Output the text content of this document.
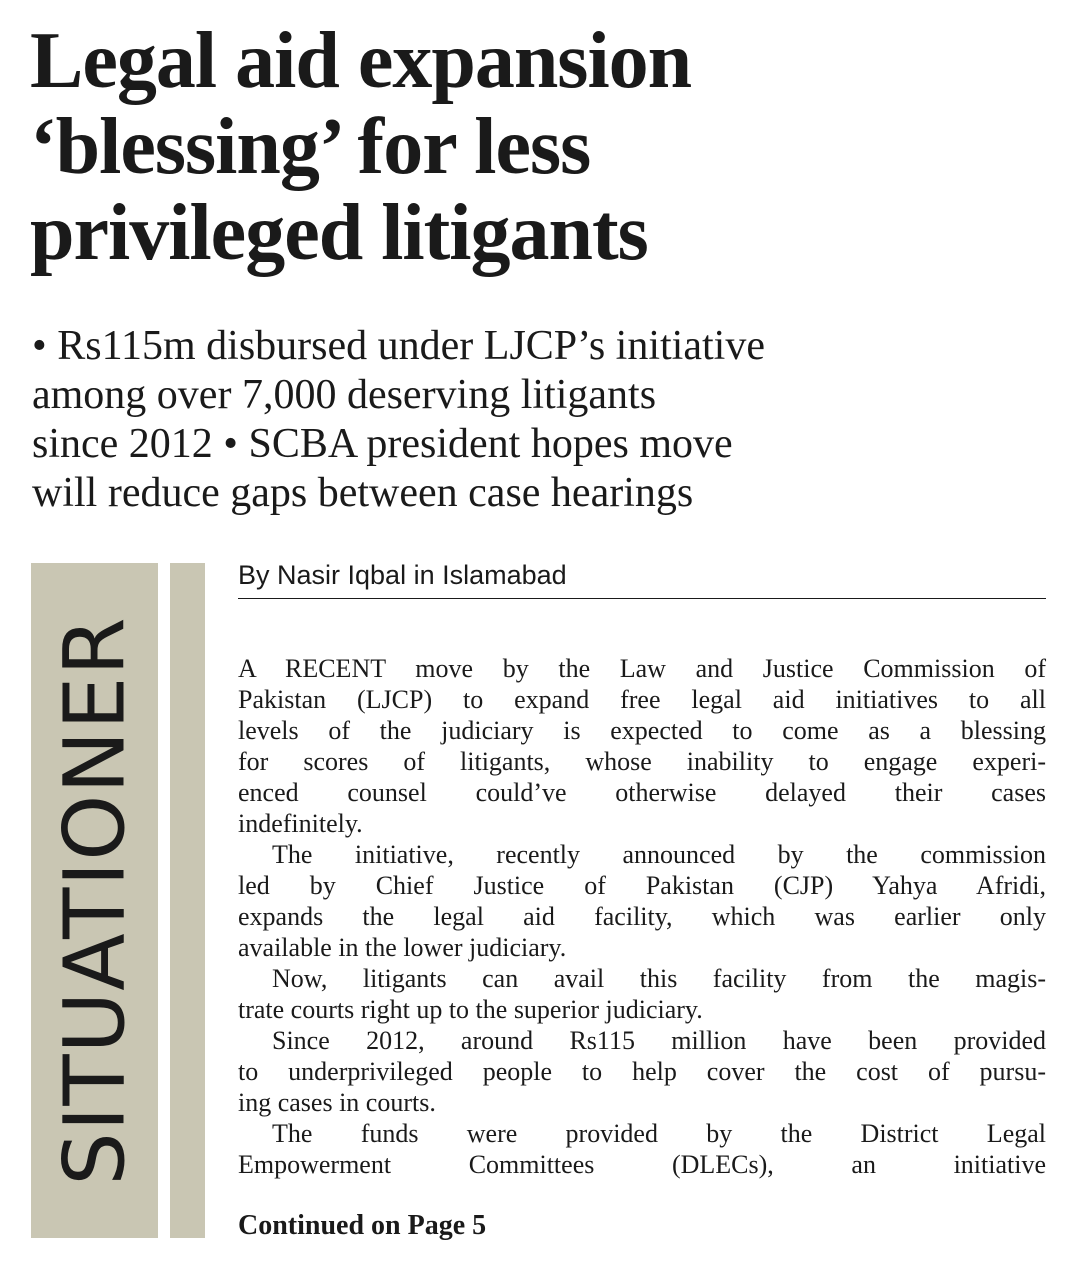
Legal aid expansion
‘blessing’ for less
privileged litigants
• Rs115m disbursed under LJCP’s initiative
among over 7,000 deserving litigants
since 2012 • SCBA president hopes move
will reduce gaps between case hearings
SITUATIONER
By Nasir Iqbal in Islamabad
A RECENT move by the Law and Justice Commission of
Pakistan (LJCP) to expand free legal aid initiatives to all
levels of the judiciary is expected to come as a blessing
for scores of litigants, whose inability to engage experi-
enced counsel could’ve otherwise delayed their cases
indefinitely.
The initiative, recently announced by the commission
led by Chief Justice of Pakistan (CJP) Yahya Afridi,
expands the legal aid facility, which was earlier only
available in the lower judiciary.
Now, litigants can avail this facility from the magis-
trate courts right up to the superior judiciary.
Since 2012, around Rs115 million have been provided
to underprivileged people to help cover the cost of pursu-
ing cases in courts.
The funds were provided by the District Legal
Empowerment Committees (DLECs), an initiative
Continued on Page 5
